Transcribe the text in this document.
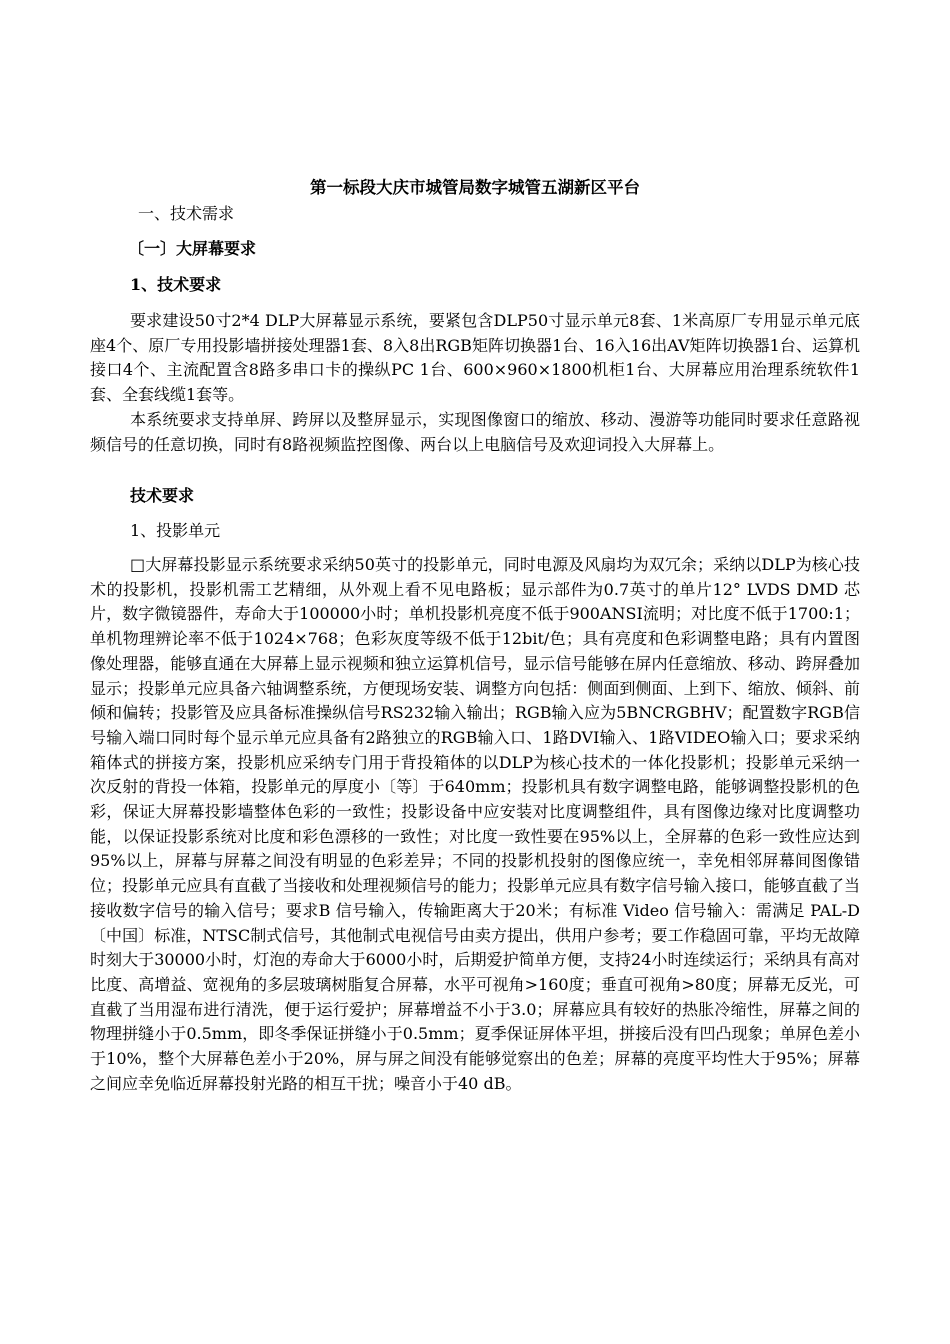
第一标段大庆市城管局数字城管五湖新区平台
一、技术需求
〔一〕大屏幕要求
1、技术要求

要求建设50寸2*4 DLP大屏幕显示系统，要紧包含DLP50寸显示单元8套、1米高原厂专用显示单元底座4个、原厂专用投影墙拼接处理器1套、8入8出RGB矩阵切换器1台、16入16出AV矩阵切换器1台、运算机接口4个、主流配置含8路多串口卡的操纵PC 1台、600×960×1800机柜1台、大屏幕应用治理系统软件1套、全套线缆1套等。

本系统要求支持单屏、跨屏以及整屏显示，实现图像窗口的缩放、移动、漫游等功能同时要求任意路视频信号的任意切换，同时有8路视频监控图像、两台以上电脑信号及欢迎词投入大屏幕上。

技术要求
1、投影单元

□大屏幕投影显示系统要求采纳50英寸的投影单元，同时电源及风扇均为双冗余；采纳以DLP为核心技术的投影机，投影机需工艺精细，从外观上看不见电路板；显示部件为0.7英寸的单片12° LVDS DMD 芯片，数字微镜器件，寿命大于100000小时；单机投影机亮度不低于900ANSI流明；对比度不低于1700:1；单机物理辨论率不低于1024×768；色彩灰度等级不低于12bit/色；具有亮度和色彩调整电路；具有内置图像处理器，能够直通在大屏幕上显示视频和独立运算机信号，显示信号能够在屏内任意缩放、移动、跨屏叠加显示；投影单元应具备六轴调整系统，方便现场安装、调整方向包括：侧面到侧面、上到下、缩放、倾斜、前倾和偏转；投影管及应具备标准操纵信号RS232输入输出；RGB输入应为5BNCRGBHV；配置数字RGB信号输入端口同时每个显示单元应具备有2路独立的RGB输入口、1路DVI输入、1路VIDEO输入口；要求采纳箱体式的拼接方案，投影机应采纳专门用于背投箱体的以DLP为核心技术的一体化投影机；投影单元采纳一次反射的背投一体箱，投影单元的厚度小〔等〕于640mm；投影机具有数字调整电路，能够调整投影机的色彩，保证大屏幕投影墙整体色彩的一致性；投影设备中应安装对比度调整组件，具有图像边缘对比度调整功能，以保证投影系统对比度和彩色漂移的一致性；对比度一致性要在95%以上，全屏幕的色彩一致性应达到95%以上，屏幕与屏幕之间没有明显的色彩差异；不同的投影机投射的图像应统一，幸免相邻屏幕间图像错位；投影单元应具有直截了当接收和处理视频信号的能力；投影单元应具有数字信号输入接口，能够直截了当接收数字信号的输入信号；要求B 信号输入，传输距离大于20米；有标准 Video 信号输入：需满足 PAL-D〔中国〕标准，NTSC制式信号，其他制式电视信号由卖方提出，供用户参考；要工作稳固可靠，平均无故障时刻大于30000小时，灯泡的寿命大于6000小时，后期爱护简单方便，支持24小时连续运行；采纳具有高对比度、高增益、宽视角的多层玻璃树脂复合屏幕，水平可视角>160度；垂直可视角>80度；屏幕无反光，可直截了当用湿布进行清洗，便于运行爱护；屏幕增益不小于3.0；屏幕应具有较好的热胀冷缩性，屏幕之间的物理拼缝小于0.5mm，即冬季保证拼缝小于0.5mm；夏季保证屏体平坦，拼接后没有凹凸现象；单屏色差小于10%，整个大屏幕色差小于20%，屏与屏之间没有能够觉察出的色差；屏幕的亮度平均性大于95%；屏幕之间应幸免临近屏幕投射光路的相互干扰；噪音小于40 dB。
